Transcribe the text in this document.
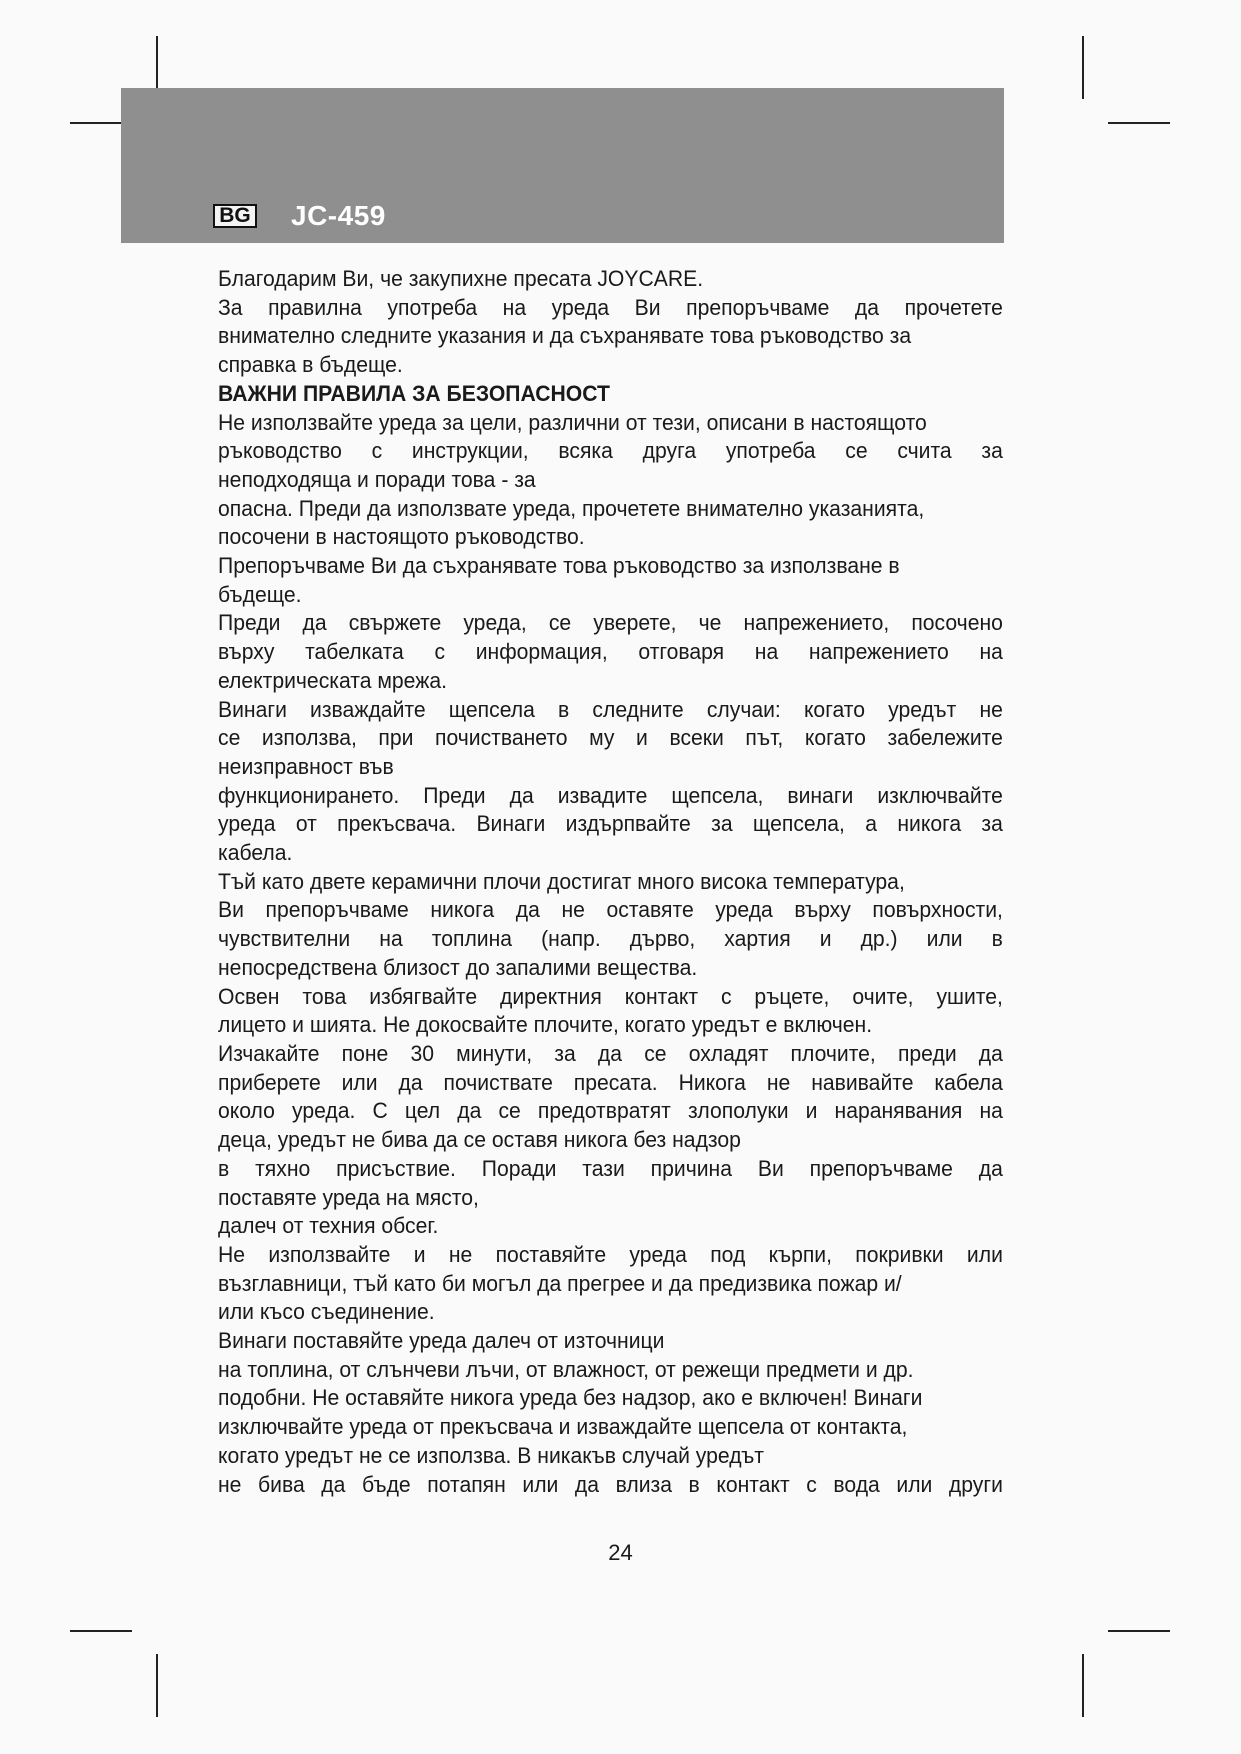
BG JC-459

Благодарим Ви, че закупихне пресата JOYCARE.

За правилна употреба на уреда Ви препоръчваме да прочетете

внимателно следните указания и да съхранявате това ръководство за

справка в бъдеще.

ВАЖНИ ПРАВИЛА ЗА БЕЗОПАСНОСТ

Не използвайте уреда за цели, различни от тези, описани в настоящото

ръководство с инструкции, всяка друга употреба се счита за

неподходяща и поради това - за

опасна. Преди да използвате уреда, прочетете внимателно указанията,

посочени в настоящото ръководство.

Препоръчваме Ви да съхранявате това ръководство за използване в

бъдеще.

Преди да свържете уреда, се уверете, че напрежението, посочено

върху табелката с информация, отговаря на напрежението на

електрическата мрежа.

Винаги изваждайте щепсела в следните случаи: когато уредът не

се използва, при почистването му и всеки път, когато забележите

неизправност във

функционирането. Преди да извадите щепсела, винаги изключвайте

уреда от прекъсвача. Винаги издърпвайте за щепсела, а никога за

кабела.

Тъй като двете керамични плочи достигат много висока температура,

Ви препоръчваме никога да не оставяте уреда върху повърхности,

чувствителни на топлина (напр. дърво, хартия и др.) или в

непосредствена близост до запалими вещества.

Освен това избягвайте директния контакт с ръцете, очите, ушите,

лицето и шията. Не докосвайте плочите, когато уредът е включен.

Изчакайте поне 30 минути, за да се охладят плочите, преди да

приберете или да почиствате пресата. Никога не навивайте кабела

около уреда. С цел да се предотвратят злополуки и наранявания на

деца, уредът не бива да се оставя никога без надзор

в тяхно присъствие. Поради тази причина Ви препоръчваме да

поставяте уреда на място,

далеч от техния обсег.

Не използвайте и не поставяйте уреда под кърпи, покривки или

възглавници, тъй като би могъл да прегрее и да предизвика пожар и/

или късо съединение.

Винаги поставяйте уреда далеч от източници

на топлина, от слънчеви лъчи, от влажност, от режещи предмети и др.

подобни. Не оставяйте никога уреда без надзор, ако е включен! Винаги

изключвайте уреда от прекъсвача и изваждайте щепсела от контакта,

когато уредът не се използва. В никакъв случай уредът

не бива да бъде потапян или да влиза в контакт с вода или други

24
